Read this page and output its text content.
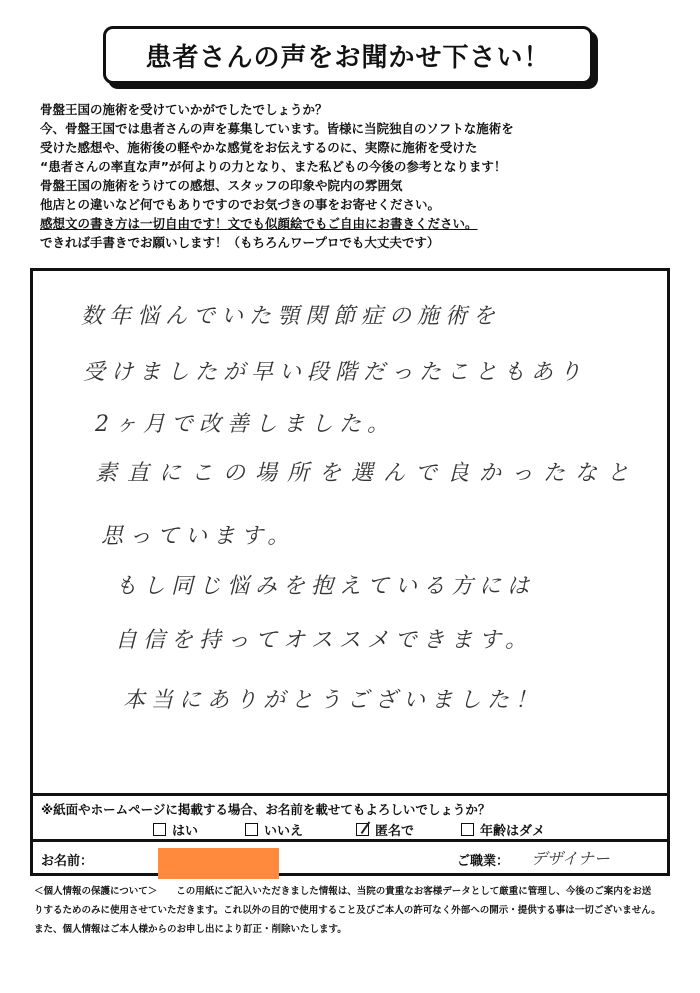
患者さんの声をお聞かせ下さい！
骨盤王国の施術を受けていかがでしたでしょうか？
今、骨盤王国では患者さんの声を募集しています。皆様に当院独自のソフトな施術を
受けた感想や、施術後の軽やかな感覚をお伝えするのに、実際に施術を受けた
“患者さんの率直な声”が何よりの力となり、また私どもの今後の参考となります！
骨盤王国の施術をうけての感想、スタッフの印象や院内の雰囲気
他店との違いなど何でもありですのでお気づきの事をお寄せください。
感想文の書き方は一切自由です！文でも似顔絵でもご自由にお書きください。
できれば手書きでお願いします！（もちろんワープロでも大丈夫です）
数年悩んでいた顎関節症の施術を
受けましたが早い段階だったこともあり
2ヶ月で改善しました。
素直にこの場所を選んで良かったなと
思っています。
もし同じ悩みを抱えている方には
自信を持ってオススメできます。
本当にありがとうございました！
※紙面やホームページに掲載する場合、お名前を載せてもよろしいでしょうか？
はい	いいえ	匿名で	年齢はダメ
お名前：	ご職業： デザイナー
＜個人情報の保護について＞　　この用紙にご記入いただきました情報は、当院の貴重なお客様データとして厳重に管理し、今後のご案内をお送
りするためのみに使用させていただきます。これ以外の目的で使用すること及びご本人の許可なく外部への開示・提供する事は一切ございません。
また、個人情報はご本人様からのお申し出により訂正・削除いたします。
